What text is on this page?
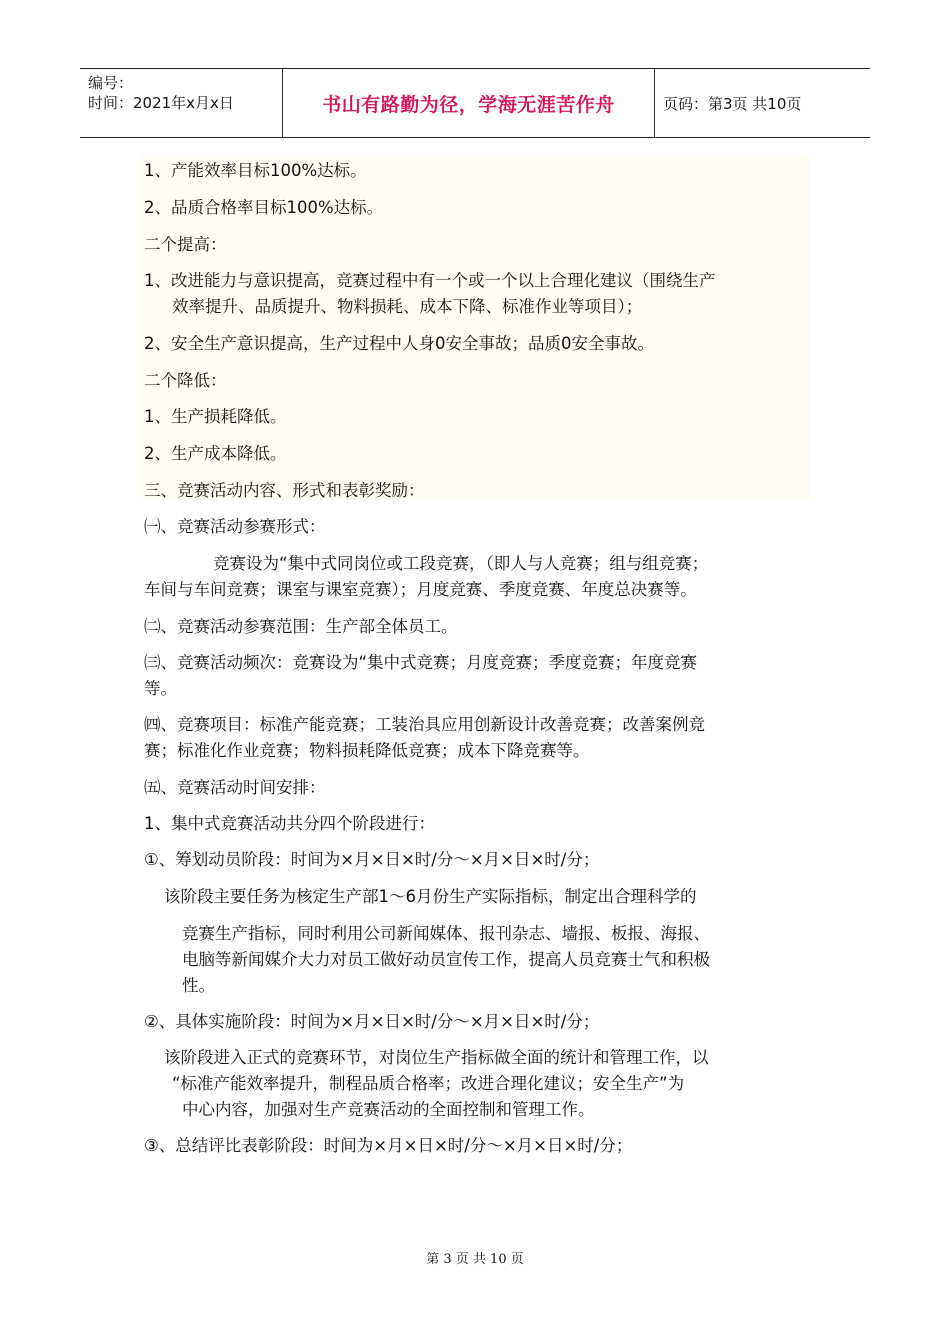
编号：
时间：2021年x月x日	书山有路勤为径，学海无涯苦作舟	页码：第3页 共10页
1、产能效率目标100%达标。
2、品质合格率目标100%达标。
二个提高：
1、改进能力与意识提高，竞赛过程中有一个或一个以上合理化建议（围绕生产
效率提升、品质提升、物料损耗、成本下降、标准作业等项目）；
2、安全生产意识提高，生产过程中人身0安全事故；品质0安全事故。
二个降低：
1、生产损耗降低。
2、生产成本降低。
三、竞赛活动内容、形式和表彰奖励：
㈠、竞赛活动参赛形式：
竞赛设为“集中式同岗位或工段竞赛，（即人与人竞赛；组与组竞赛；
车间与车间竞赛；课室与课室竞赛）；月度竞赛、季度竞赛、年度总决赛等。
㈡、竞赛活动参赛范围：生产部全体员工。
㈢、竞赛活动频次：竞赛设为“集中式竞赛；月度竞赛；季度竞赛；年度竞赛
等。
㈣、竞赛项目：标准产能竞赛；工装治具应用创新设计改善竞赛；改善案例竞
赛；标准化作业竞赛；物料损耗降低竞赛；成本下降竞赛等。
㈤、竞赛活动时间安排：
1、集中式竞赛活动共分四个阶段进行：
①、筹划动员阶段：时间为×月×日×时/分～×月×日×时/分；
该阶段主要任务为核定生产部1～6月份生产实际指标，制定出合理科学的
竞赛生产指标，同时利用公司新闻媒体、报刊杂志、墙报、板报、海报、
电脑等新闻媒介大力对员工做好动员宣传工作，提高人员竞赛士气和积极
性。
②、具体实施阶段：时间为×月×日×时/分～×月×日×时/分；
该阶段进入正式的竞赛环节，对岗位生产指标做全面的统计和管理工作，以
“标准产能效率提升，制程品质合格率；改进合理化建议；安全生产”为
中心内容，加强对生产竞赛活动的全面控制和管理工作。
③、总结评比表彰阶段：时间为×月×日×时/分～×月×日×时/分；
第 3 页 共 10 页
